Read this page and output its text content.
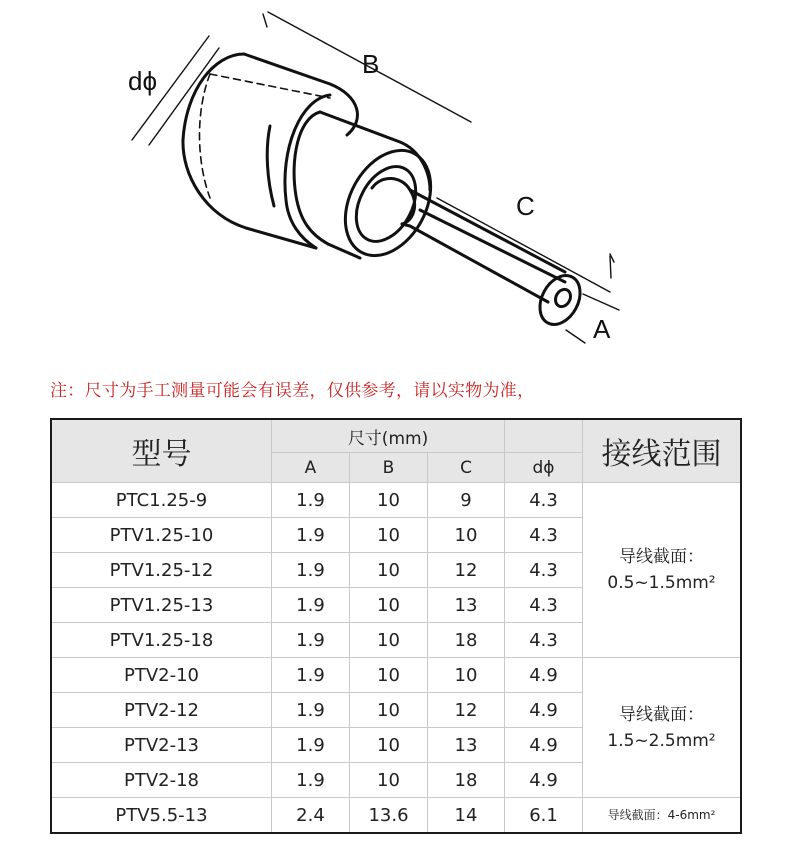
dϕ
B
C
A
注：尺寸为手工测量可能会有误差，仅供参考，请以实物为准，
型号	尺寸(mm)				接线范围
	A	B	C	dϕ	
PTC1.25-9	1.9	10	9	4.3	导线截面：
0.5~1.5mm²

PTV1.25-10	1.9	10	10	4.3	
PTV1.25-12	1.9	10	12	4.3	
PTV1.25-13	1.9	10	13	4.3	
PTV1.25-18	1.9	10	18	4.3	
PTV2-10	1.9	10	10	4.9	导线截面：
1.5~2.5mm²

PTV2-12	1.9	10	12	4.9	
PTV2-13	1.9	10	13	4.9	
PTV2-18	1.9	10	18	4.9	
PTV5.5-13	2.4	13.6	14	6.1	导线截面：4-6mm²
